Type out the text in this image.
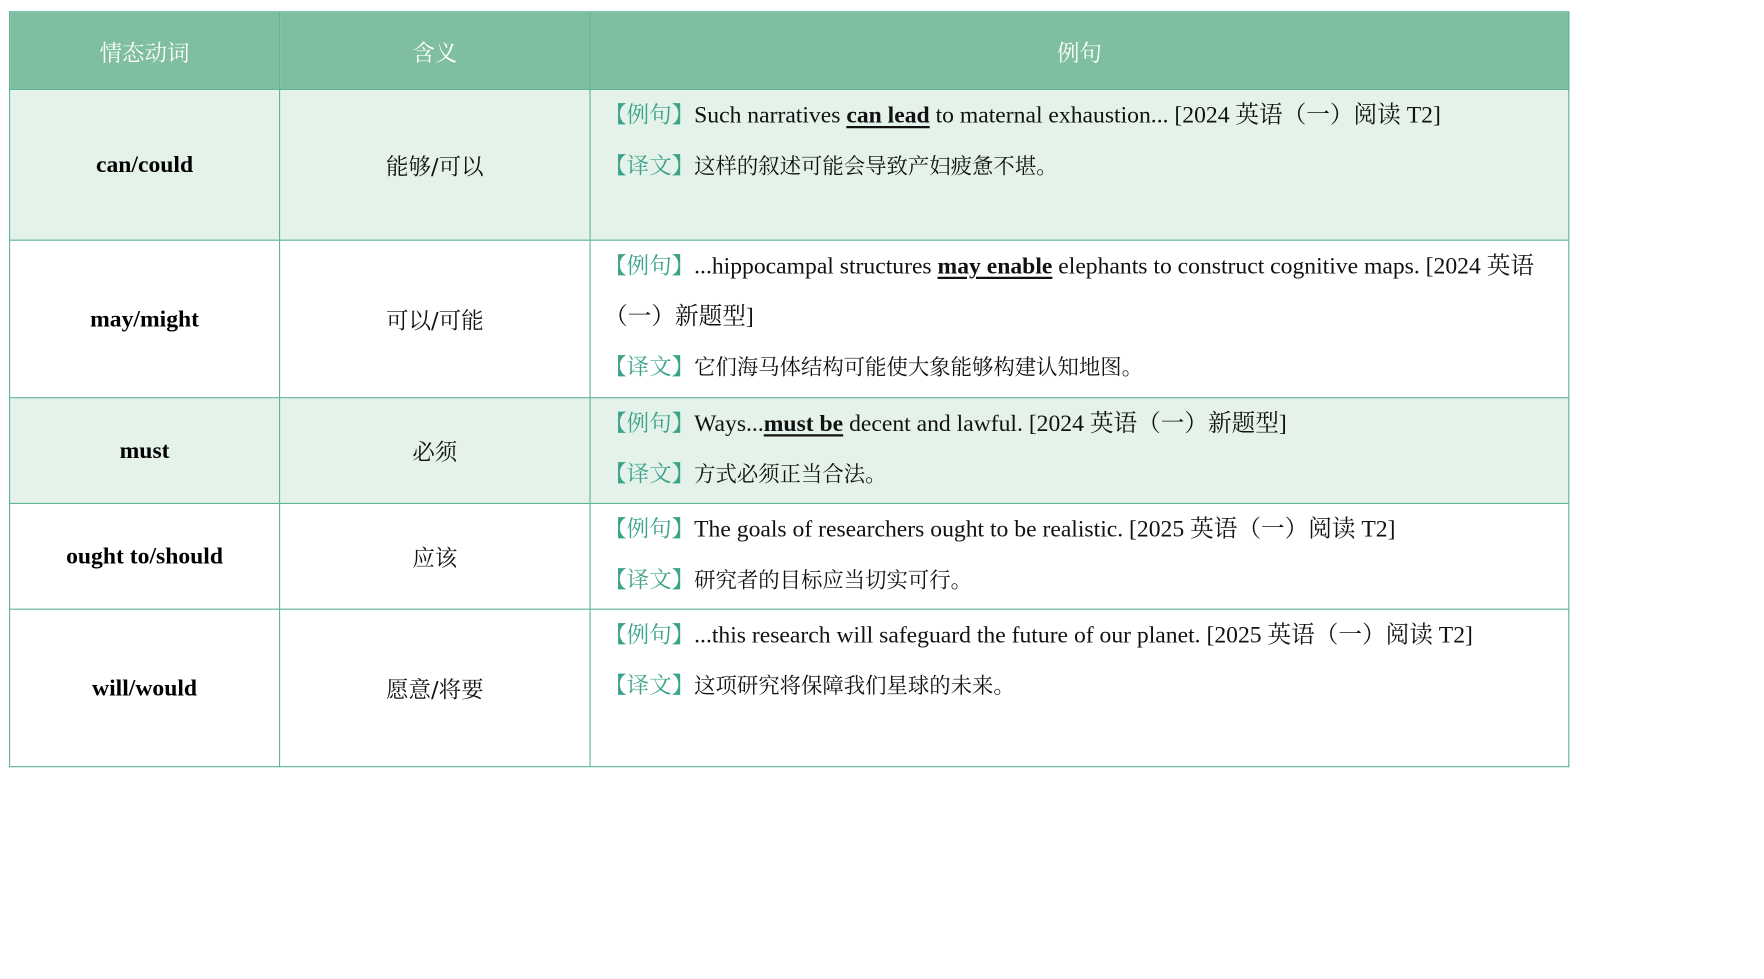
情态动词	含义	例句
can/could	能够/可以	【例句】Such narratives can lead to maternal exhaustion... [2024 英语（一）阅读 T2]
【译文】这样的叙述可能会导致产妇疲惫不堪。

may/might	可以/可能	【例句】...hippocampal structures may enable elephants to construct cognitive maps. [2024 英语（一）新题型]
【译文】它们海马体结构可能使大象能够构建认知地图。

must	必须	【例句】Ways...must be decent and lawful. [2024 英语（一）新题型]
【译文】方式必须正当合法。

ought to/should	应该	【例句】The goals of researchers ought to be realistic. [2025 英语（一）阅读 T2]
【译文】研究者的目标应当切实可行。

will/would	愿意/将要	【例句】...this research will safeguard the future of our planet. [2025 英语（一）阅读 T2]
【译文】这项研究将保障我们星球的未来。
